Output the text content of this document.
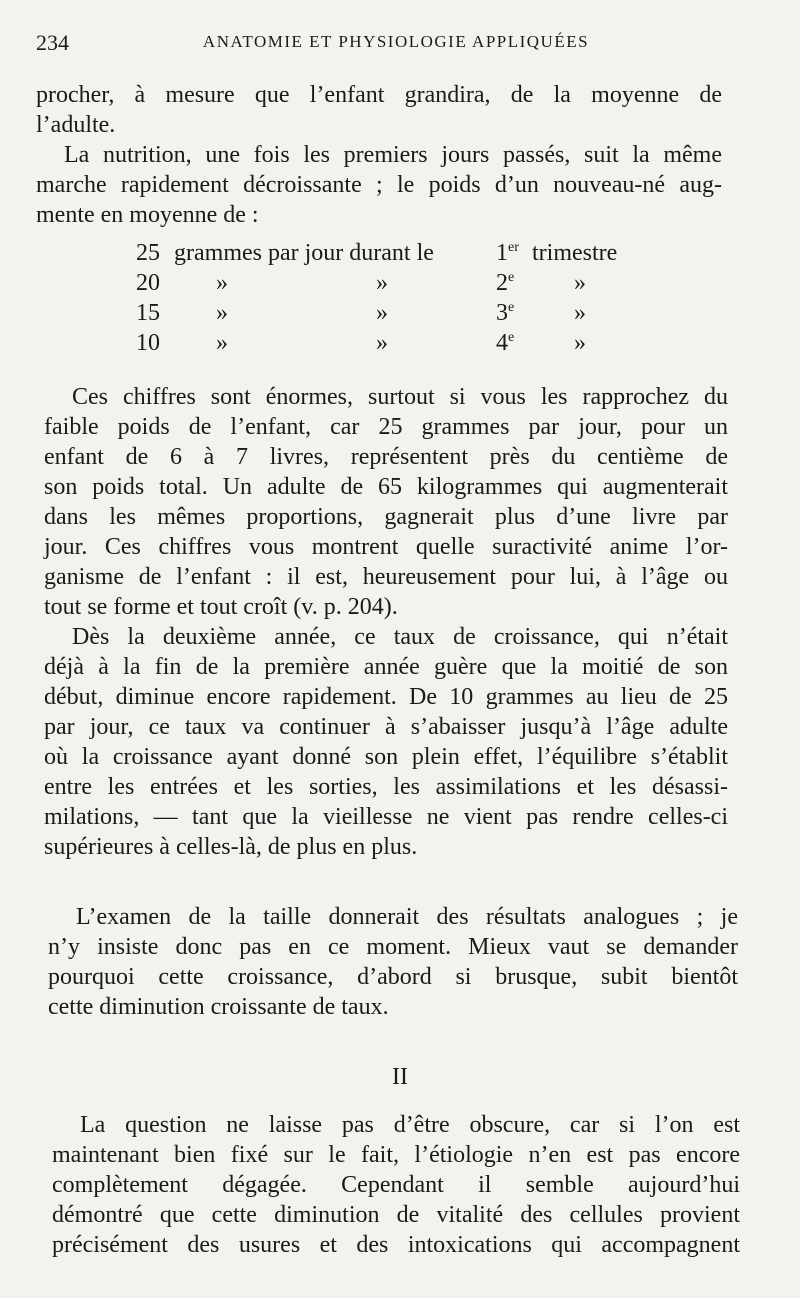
234	ANATOMIE ET PHYSIOLOGIE APPLIQUÉES
procher, à mesure que l’enfant grandira, de la moyenne de
l’adulte.
La nutrition, une fois les premiers jours passés, suit la même
marche rapidement décroissante ; le poids d’un nouveau-né aug-
mente en moyenne de :
25 grammes par jour durant le	1er trimestre
20 »	»	2e »
15 »	»	3e »
10 »	»	4e »
Ces chiffres sont énormes, surtout si vous les rapprochez du
faible poids de l’enfant, car 25 grammes par jour, pour un
enfant de 6 à 7 livres, représentent près du centième de
son poids total. Un adulte de 65 kilogrammes qui augmenterait
dans les mêmes proportions, gagnerait plus d’une livre par
jour. Ces chiffres vous montrent quelle suractivité anime l’or-
ganisme de l’enfant : il est, heureusement pour lui, à l’âge ou
tout se forme et tout croît (v. p. 204).
Dès la deuxième année, ce taux de croissance, qui n’était
déjà à la fin de la première année guère que la moitié de son
début, diminue encore rapidement. De 10 grammes au lieu de 25
par jour, ce taux va continuer à s’abaisser jusqu’à l’âge adulte
où la croissance ayant donné son plein effet, l’équilibre s’établit
entre les entrées et les sorties, les assimilations et les désassi-
milations, — tant que la vieillesse ne vient pas rendre celles-ci
supérieures à celles-là, de plus en plus.
L’examen de la taille donnerait des résultats analogues ; je
n’y insiste donc pas en ce moment. Mieux vaut se demander
pourquoi cette croissance, d’abord si brusque, subit bientôt
cette diminution croissante de taux.
II
La question ne laisse pas d’être obscure, car si l’on est
maintenant bien fixé sur le fait, l’étiologie n’en est pas encore
complètement dégagée. Cependant il semble aujourd’hui
démontré que cette diminution de vitalité des cellules provient
précisément des usures et des intoxications qui accompagnent
